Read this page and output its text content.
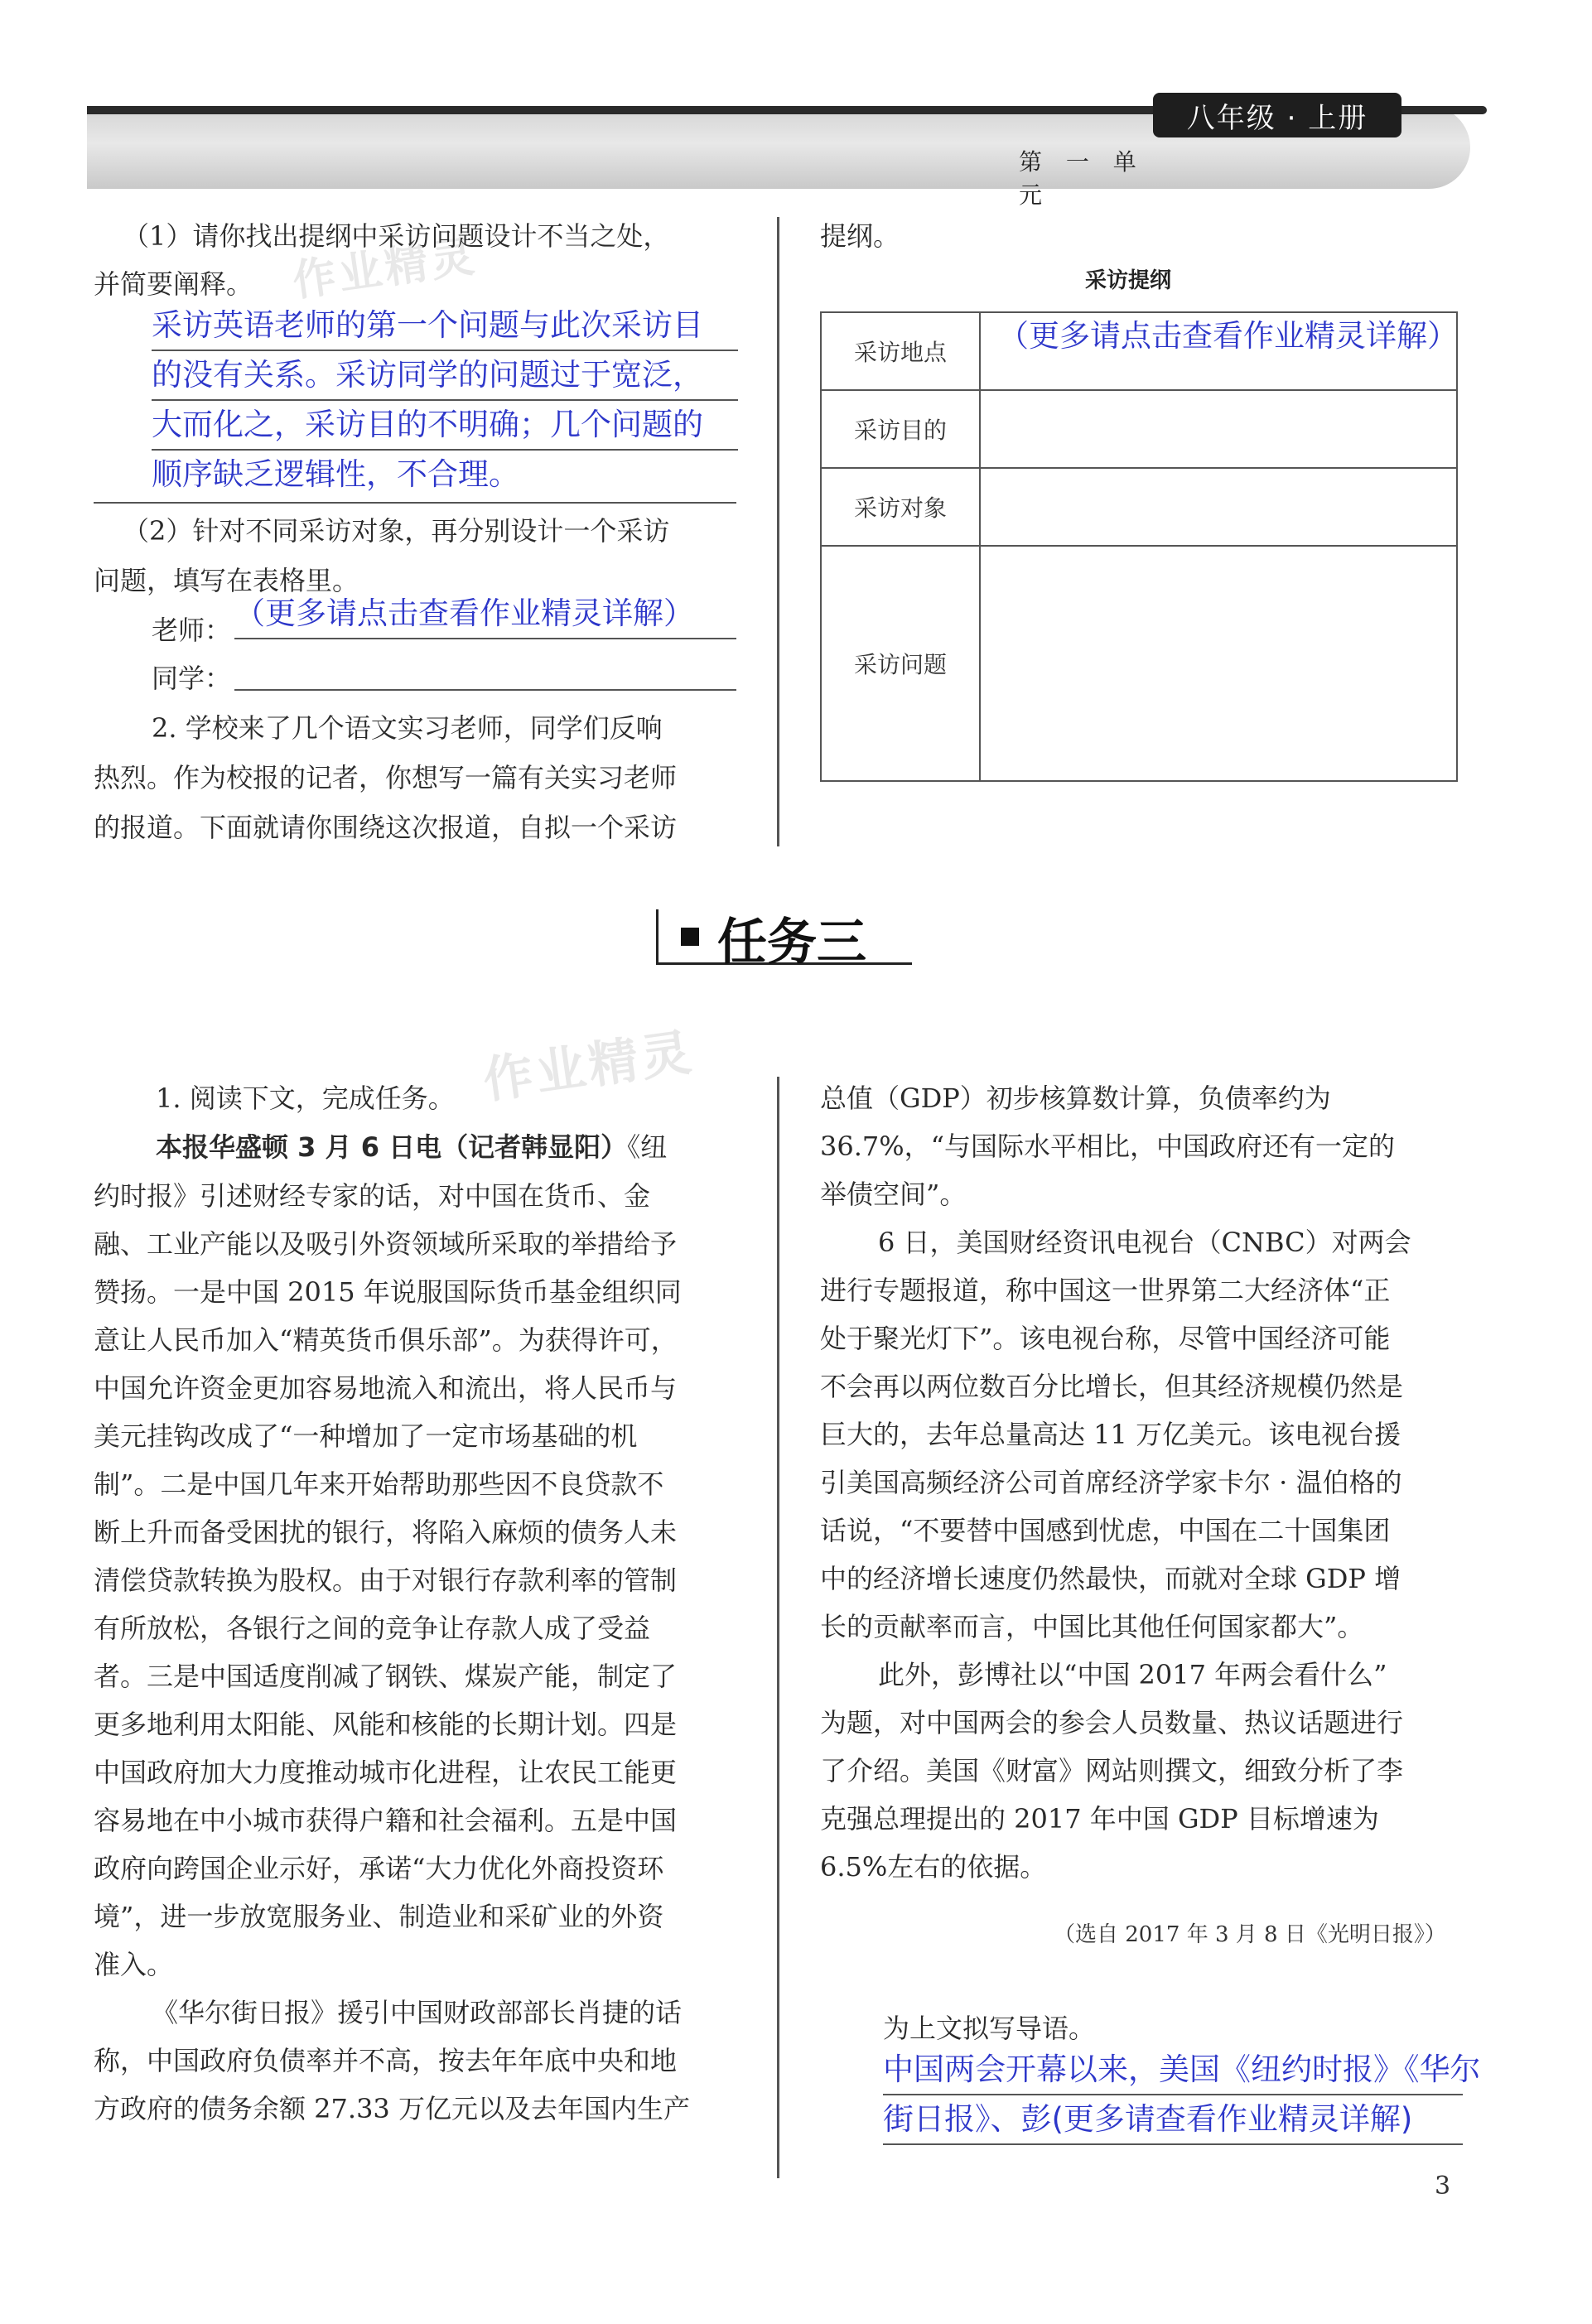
八年级 · 上册
第 一 单 元
作业精灵
作业精灵
（1）请你找出提纲中采访问题设计不当之处，
并简要阐释。
采访英语老师的第一个问题与此次采访目
的没有关系。采访同学的问题过于宽泛，
大而化之，采访目的不明确；几个问题的
顺序缺乏逻辑性，不合理。
（2）针对不同采访对象，再分别设计一个采访
问题，填写在表格里。
老师： （更多请点击查看作业精灵详解）
同学：
2. 学校来了几个语文实习老师，同学们反响
热烈。作为校报的记者，你想写一篇有关实习老师
的报道。下面就请你围绕这次报道，自拟一个采访
提纲。
采访提纲
采访地点	（更多请点击查看作业精灵详解）

采访目的	
采访对象	
采访问题	
任务三
1. 阅读下文，完成任务。
本报华盛顿 3 月 6 日电（记者韩显阳）《纽
约时报》引述财经专家的话，对中国在货币、金
融、工业产能以及吸引外资领域所采取的举措给予
赞扬。一是中国 2015 年说服国际货币基金组织同
意让人民币加入“精英货币俱乐部”。为获得许可，
中国允许资金更加容易地流入和流出，将人民币与
美元挂钩改成了“一种增加了一定市场基础的机
制”。二是中国几年来开始帮助那些因不良贷款不
断上升而备受困扰的银行，将陷入麻烦的债务人未
清偿贷款转换为股权。由于对银行存款利率的管制
有所放松，各银行之间的竞争让存款人成了受益
者。三是中国适度削减了钢铁、煤炭产能，制定了
更多地利用太阳能、风能和核能的长期计划。四是
中国政府加大力度推动城市化进程，让农民工能更
容易地在中小城市获得户籍和社会福利。五是中国
政府向跨国企业示好，承诺“大力优化外商投资环
境”，进一步放宽服务业、制造业和采矿业的外资
准入。
《华尔街日报》援引中国财政部部长肖捷的话
称，中国政府负债率并不高，按去年年底中央和地
方政府的债务余额 27.33 万亿元以及去年国内生产
总值（GDP）初步核算数计算，负债率约为
36.7%，“与国际水平相比，中国政府还有一定的
举债空间”。
6 日，美国财经资讯电视台（CNBC）对两会
进行专题报道，称中国这一世界第二大经济体“正
处于聚光灯下”。该电视台称，尽管中国经济可能
不会再以两位数百分比增长，但其经济规模仍然是
巨大的，去年总量高达 11 万亿美元。该电视台援
引美国高频经济公司首席经济学家卡尔 · 温伯格的
话说，“不要替中国感到忧虑，中国在二十国集团
中的经济增长速度仍然最快，而就对全球 GDP 增
长的贡献率而言，中国比其他任何国家都大”。
此外，彭博社以“中国 2017 年两会看什么”
为题，对中国两会的参会人员数量、热议话题进行
了介绍。美国《财富》网站则撰文，细致分析了李
克强总理提出的 2017 年中国 GDP 目标增速为
6.5%左右的依据。
（选自 2017 年 3 月 8 日《光明日报》）
为上文拟写导语。
中国两会开幕以来，美国《纽约时报》《华尔
街日报》、彭(更多请查看作业精灵详解)
3
